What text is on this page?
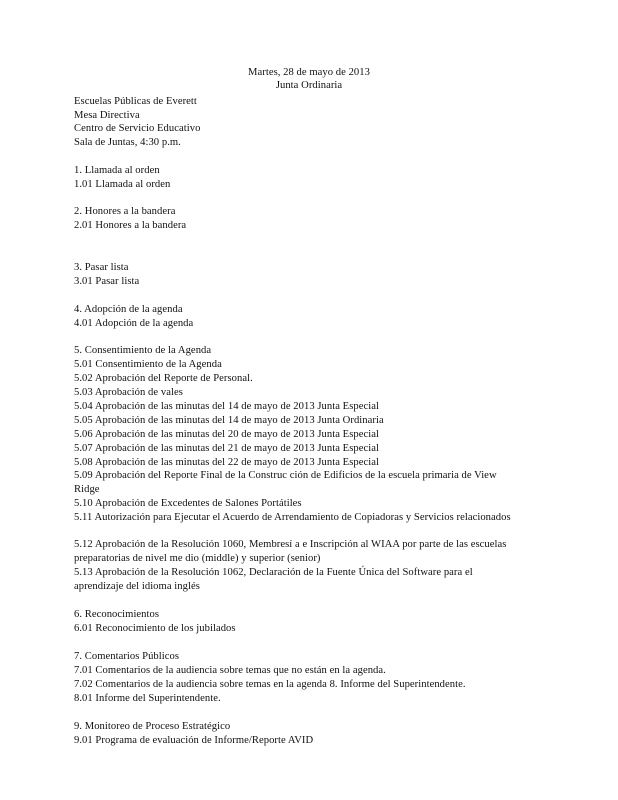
Martes, 28 de mayo de 2013
Junta Ordinaria
Escuelas Públicas de Everett
Mesa Directiva
Centro de Servicio Educativo
Sala de Juntas, 4:30 p.m.
1. Llamada al orden
1.01 Llamada al orden
2. Honores a la bandera
2.01 Honores a la bandera
3. Pasar lista
3.01 Pasar lista
4. Adopción de la agenda
4.01 Adopción de la agenda
5. Consentimiento de la Agenda
5.01 Consentimiento de la Agenda
5.02 Aprobación del Reporte de Personal.
5.03 Aprobación de vales
5.04 Aprobación de las minutas del 14 de mayo de 2013 Junta Especial
5.05 Aprobación de las minutas del 14 de mayo de 2013 Junta Ordinaria
5.06 Aprobación de las minutas del 20 de mayo de 2013 Junta Especial
5.07 Aprobación de las minutas del 21 de mayo de 2013 Junta Especial
5.08 Aprobación de las minutas del 22 de mayo de 2013 Junta Especial
5.09 Aprobación del Reporte Final de la Construc ción de Edificios de la escuela primaria de View Ridge
5.10 Aprobación de Excedentes de Salones Portátiles
5.11 Autorización para Ejecutar el Acuerdo de Arrendamiento de Copiadoras y Servicios relacionados
5.12 Aprobación de la Resolución 1060, Membresí a e Inscripción al WIAA por parte de las escuelas preparatorias de nivel me dio (middle) y superior (senior)
5.13 Aprobación de la Resolución 1062, Declaración de la Fuente Única del Software para el aprendizaje del idioma inglés
6. Reconocimientos
6.01 Reconocimiento de los jubilados
7. Comentarios Públicos
7.01 Comentarios de la audiencia sobre temas que no están en la agenda.
7.02 Comentarios de la audiencia sobre temas en la agenda 8. Informe del Superintendente.
8.01 Informe del Superintendente.
9. Monitoreo de Proceso Estratégico
9.01 Programa de evaluación de Informe/Reporte AVID
